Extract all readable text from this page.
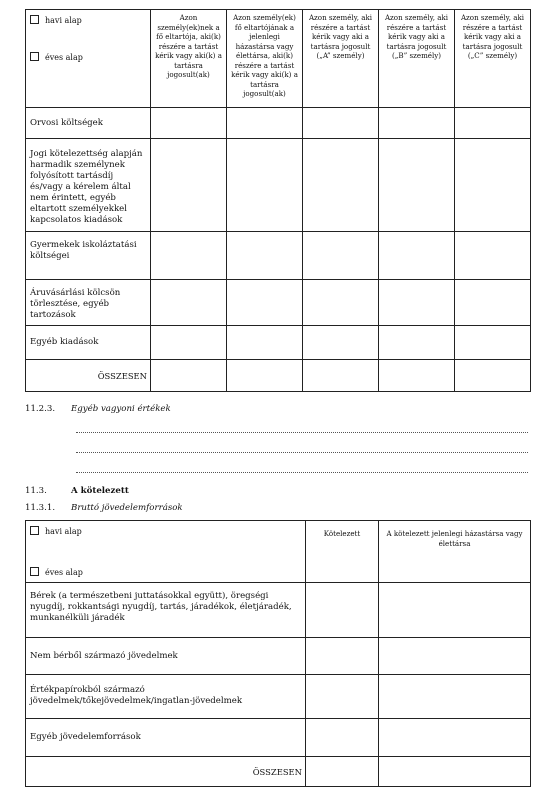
havi alap
éves alap	Azon személy(ek)nek a fő eltartója, aki(k) részére a tartást kérik vagy aki(k) a tartásra jogosult(ak)	Azon személy(ek) fő eltartójának a jelenlegi házastársa vagy élettársa, aki(k) részére a tartást kérik vagy aki(k) a tartásra jogosult(ak)	Azon személy, aki részére a tartást kérik vagy aki a tartásra jogosult („A” személy)	Azon személy, aki részére a tartást kérik vagy aki a tartásra jogosult („B” személy)	Azon személy, aki részére a tartást kérik vagy aki a tartásra jogosult („C” személy)
Orvosi költségek					
Jogi kötelezettség alapján harmadik személynek folyósított tartásdíj és/vagy a kérelem által nem érintett, egyéb eltartott személyekkel kapcsolatos kiadások					
Gyermekek iskoláztatási költségei					
Áruvásárlási kölcsön törlesztése, egyéb tartozások					
Egyéb kiadások					
ÖSSZESEN					
11.2.3. Egyéb vagyoni értékek
11.3.	A kötelezett
11.3.1. Bruttó jövedelemforrások
havi alap
éves alap	Kötelezett	A kötelezett jelenlegi házastársa vagy élettársa
Bérek (a természetbeni juttatásokkal együtt), öregségi nyugdíj, rokkantsági nyugdíj, tartás, járadékok, életjáradék, munkanélküli járadék		
Nem bérből származó jövedelmek		
Értékpapírokból származó jövedelmek/tőkejövedelmek/ingatlan-jövedelmek		
Egyéb jövedelemforrások		
ÖSSZESEN		
